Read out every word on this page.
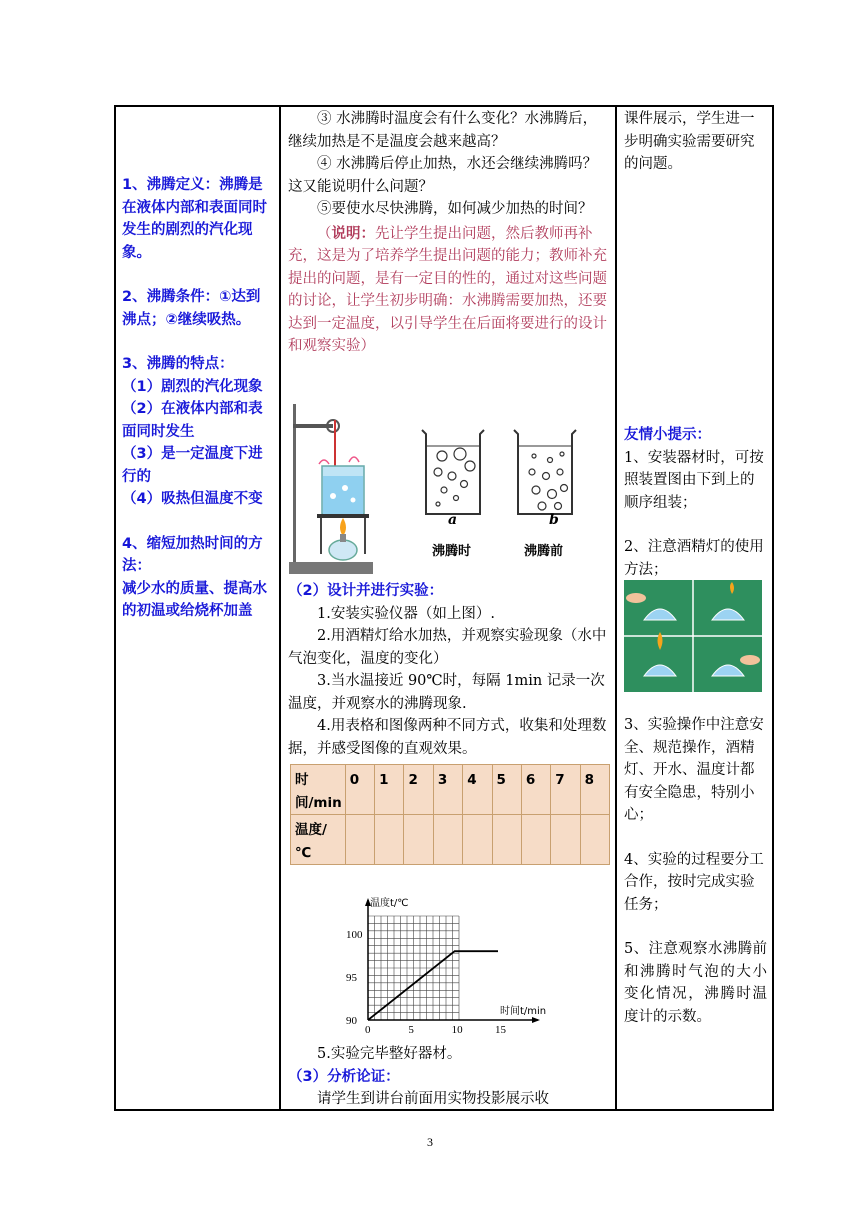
1、沸腾定义：沸腾是在液体内部和表面同时发生的剧烈的汽化现象。

2、沸腾条件：①达到沸点；②继续吸热。

3、沸腾的特点：

（1）剧烈的汽化现象

（2）在液体内部和表面同时发生

（3）是一定温度下进行的

（4）吸热但温度不变

4、缩短加热时间的方法：

减少水的质量、提高水的初温或给烧杯加盖

③ 水沸腾时温度会有什么变化？水沸腾后，继续加热是不是温度会越来越高？

④ 水沸腾后停止加热，水还会继续沸腾吗？这又能说明什么问题？

⑤要使水尽快沸腾，如何减少加热的时间？

（说明：先让学生提出问题，然后教师再补充，这是为了培养学生提出问题的能力；教师补充提出的问题，是有一定目的性的，通过对这些问题的讨论，让学生初步明确：水沸腾需要加热，还要达到一定温度，以引导学生在后面将要进行的设计和观察实验）

a	b
沸腾时	沸腾前

（2）设计并进行实验：

1.安装实验仪器（如上图）.

2.用酒精灯给水加热，并观察实验现象（水中气泡变化，温度的变化）

3.当水温接近 90℃时，每隔 1min 记录一次温度，并观察水的沸腾现象.

4.用表格和图像两种不同方式，收集和处理数据，并感受图像的直观效果。

时间/min	0	1	2	3	4	5	6	7	8
温度/℃									
温度t/℃
时间t/min
0	5	10	15
90
95
100

5.实验完毕整好器材。

（3）分析论证：

请学生到讲台前面用实物投影展示收

课件展示，学生进一步明确实验需要研究的问题。

友情小提示：

1、安装器材时，可按照装置图由下到上的顺序组装；

2、注意酒精灯的使用方法；

3、实验操作中注意安全、规范操作，酒精灯、开水、温度计都有安全隐患，特别小心；

4、实验的过程要分工合作，按时完成实验任务；

5、注意观察水沸腾前和沸腾时气泡的大小变化情况，沸腾时温度计的示数。

3
